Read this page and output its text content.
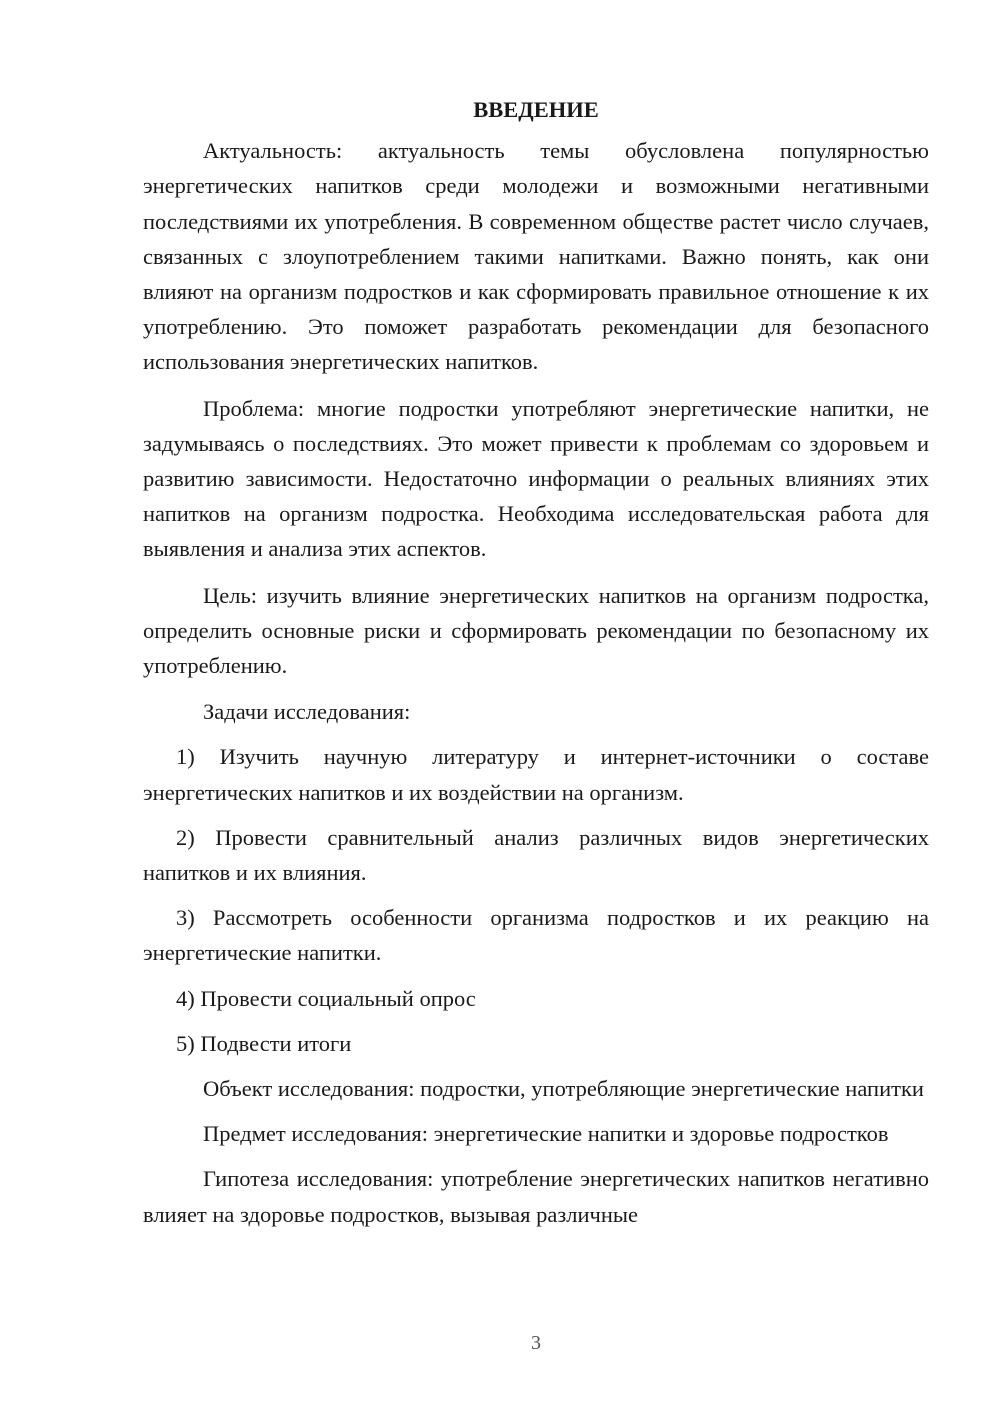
ВВЕДЕНИЕ

Актуальность: актуальность темы обусловлена популярностью энергетических напитков среди молодежи и возможными негативными последствиями их употребления. В современном обществе растет число случаев, связанных с злоупотреблением такими напитками. Важно понять, как они влияют на организм подростков и как сформировать правильное отношение к их употреблению. Это поможет разработать рекомендации для безопасного использования энергетических напитков.

Проблема: многие подростки употребляют энергетические напитки, не задумываясь о последствиях. Это может привести к проблемам со здоровьем и развитию зависимости. Недостаточно информации о реальных влияниях этих напитков на организм подростка. Необходима исследовательская работа для выявления и анализа этих аспектов.

Цель: изучить влияние энергетических напитков на организм подростка, определить основные риски и сформировать рекомендации по безопасному их употреблению.

Задачи исследования:

1) Изучить научную литературу и интернет-источники о составе энергетических напитков и их воздействии на организм.

2) Провести сравнительный анализ различных видов энергетических напитков и их влияния.

3) Рассмотреть особенности организма подростков и их реакцию на энергетические напитки.

4) Провести социальный опрос

5) Подвести итоги

Объект исследования: подростки, употребляющие энергетические напитки

Предмет исследования: энергетические напитки и здоровье подростков

Гипотеза исследования: употребление энергетических напитков негативно влияет на здоровье подростков, вызывая различные

3
